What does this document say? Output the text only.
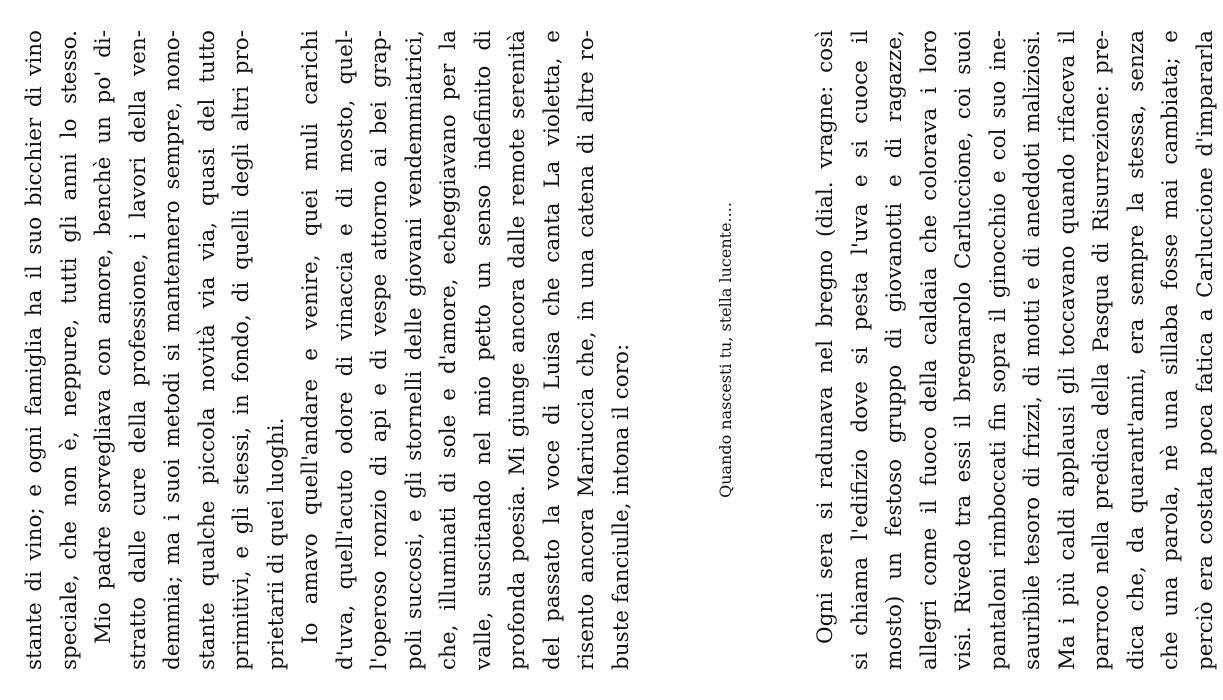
stante di vino; e ogni famiglia ha il suo bicchier di vino speciale, che non è, neppure, tutti gli anni lo stesso. Mio padre sorvegliava con amore, benchè un po' di- stratto dalle cure della professione, i lavori della ven- demmia; ma i suoi metodi si mantennero sempre, nono- stante qualche piccola novità via via, quasi del tutto primitivi, e gli stessi, in fondo, di quelli degli altri pro- prietarii di quei luoghi. Io amavo quell'andare e venire, quei muli carichi d'uva, quell'acuto odore di vinaccia e di mosto, quel- l'operoso ronzio di api e di vespe attorno ai bei grap- poli succosi, e gli stornelli delle giovani vendemmiatrici, che, illuminati di sole e d'amore, echeggiavano per la valle, suscitando nel mio petto un senso indefinito di profonda poesia. Mi giunge ancora dalle remote serenità del passato la voce di Luisa che canta La violetta, e risento ancora Mariuccia che, in una catena di altre ro- buste fanciulle, intona il coro:	Quando nascesti tu, stella lucente....	Ogni sera si radunava nel bregno (dial. vragne: così si chiama l'edifizio dove si pesta l'uva e si cuoce il mosto) un festoso gruppo di giovanotti e di ragazze, allegri come il fuoco della caldaia che colorava i loro visi. Rivedo tra essi il bregnarolo Carluccione, coi suoi pantaloni rimboccati fin sopra il ginocchio e col suo ine- sauribile tesoro di frizzi, di motti e di aneddoti maliziosi. Ma i più caldi applausi gli toccavano quando rifaceva il parroco nella predica della Pasqua di Risurrezione: pre- dica che, da quarant'anni, era sempre la stessa, senza che una parola, nè una sillaba fosse mai cambiata; e perciò era costata poca fatica a Carluccione d'impararla
